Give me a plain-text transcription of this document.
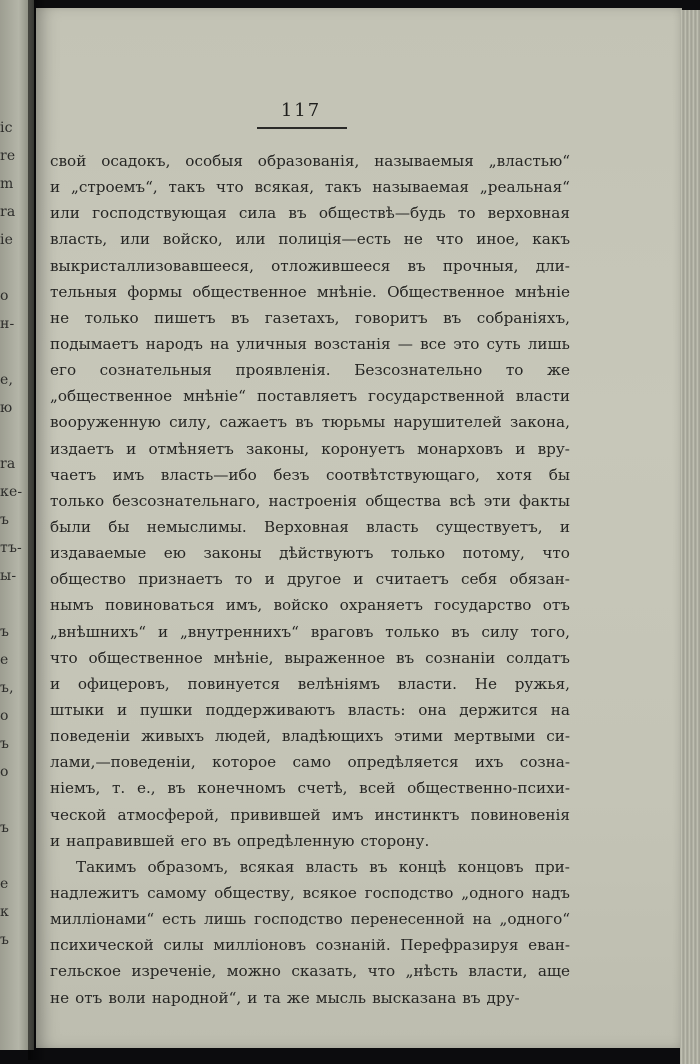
ic
re
m
ra
ie
o
н-
e,
ю
ra
ке-
ъ
тъ-
ы-
ъ
e
ъ,
o
ъ
o
ъ
e
к
ъ
117
свой осадокъ, особыя образованія, называемыя „властью“
и „строемъ“, такъ что всякая, такъ называемая „реальная“
или господствующая сила въ обществѣ—будь то верховная
власть, или войско, или полиція—есть не что иное, какъ
выкристаллизовавшееся, отложившееся въ прочныя, дли-
тельныя формы общественное мнѣніе. Общественное мнѣніе
не только пишетъ въ газетахъ, говоритъ въ собраніяхъ,
подымаетъ народъ на уличныя возстанія — все это суть лишь
его сознательныя проявленія. Безсознательно то же
„общественное мнѣніе“ поставляетъ государственной власти
вооруженную силу, сажаетъ въ тюрьмы нарушителей закона,
издаетъ и отмѣняетъ законы, коронуетъ монарховъ и вру-
чаетъ имъ власть—ибо безъ соотвѣтствующаго, хотя бы
только безсознательнаго, настроенія общества всѣ эти факты
были бы немыслимы. Верховная власть существуетъ, и
издаваемые ею законы дѣйствуютъ только потому, что
общество признаетъ то и другое и считаетъ себя обязан-
нымъ повиноваться имъ, войско охраняетъ государство отъ
„внѣшнихъ“ и „внутреннихъ“ враговъ только въ силу того,
что общественное мнѣніе, выраженное въ сознаніи солдатъ
и офицеровъ, повинуется велѣніямъ власти. Не ружья,
штыки и пушки поддерживаютъ власть: она держится на
поведеніи живыхъ людей, владѣющихъ этими мертвыми си-
лами,—поведеніи, которое само опредѣляется ихъ созна-
ніемъ, т. е., въ конечномъ счетѣ, всей общественно-психи-
ческой атмосферой, привившей имъ инстинктъ повиновенія
и направившей его въ опредѣленную сторону.
Такимъ образомъ, всякая власть въ концѣ концовъ при-
надлежитъ самому обществу, всякое господство „одного надъ
милліонами“ есть лишь господство перенесенной на „одного“
психической силы милліоновъ сознаній. Перефразируя еван-
гельское изреченіе, можно сказать, что „нѣсть власти, аще
не отъ воли народной“, и та же мысль высказана въ дру-
